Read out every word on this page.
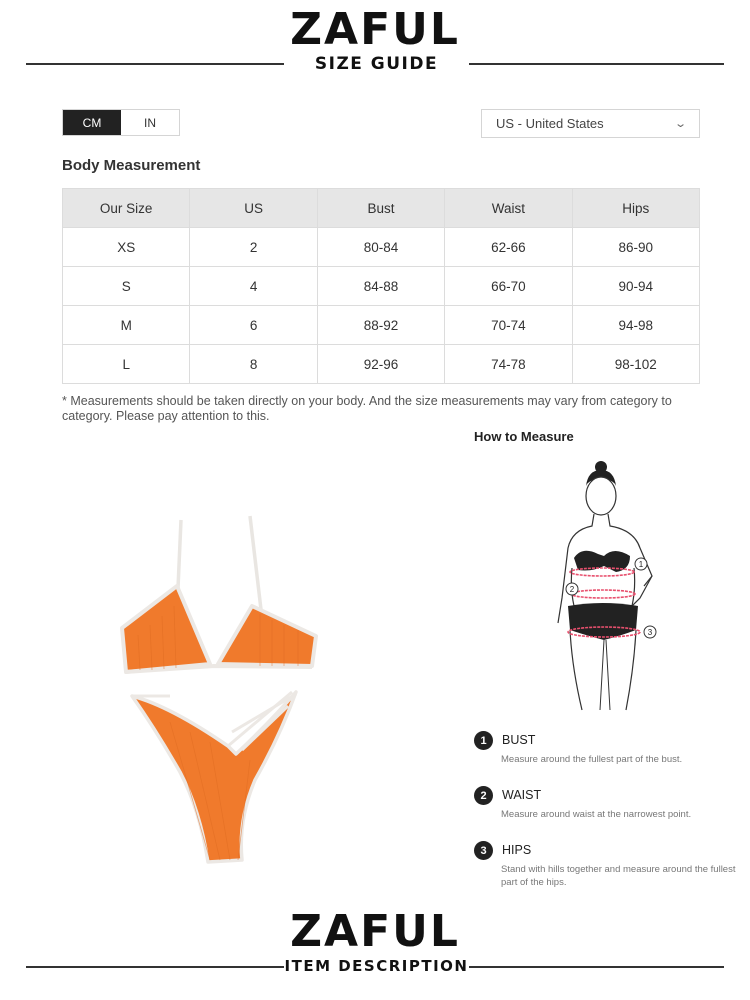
ZAFUL
SIZE GUIDE
CM	IN	US - United States	⌄
Body Measurement
Our Size	US	Bust	Waist	Hips
XS	2	80-84	62-66	86-90
S	4	84-88	66-70	90-94
M	6	88-92	70-74	94-98
L	8	92-96	74-78	98-102
* Measurements should be taken directly on your body. And the size measurements may vary from category to category. Please pay attention to this.
How to Measure
1
2
3
1	BUST
Measure around the fullest part of the bust.
2	WAIST
Measure around waist at the narrowest point.
3	HIPS
Stand with hills together and measure around the fullest part of the hips.
ZAFUL
ITEM DESCRIPTION
